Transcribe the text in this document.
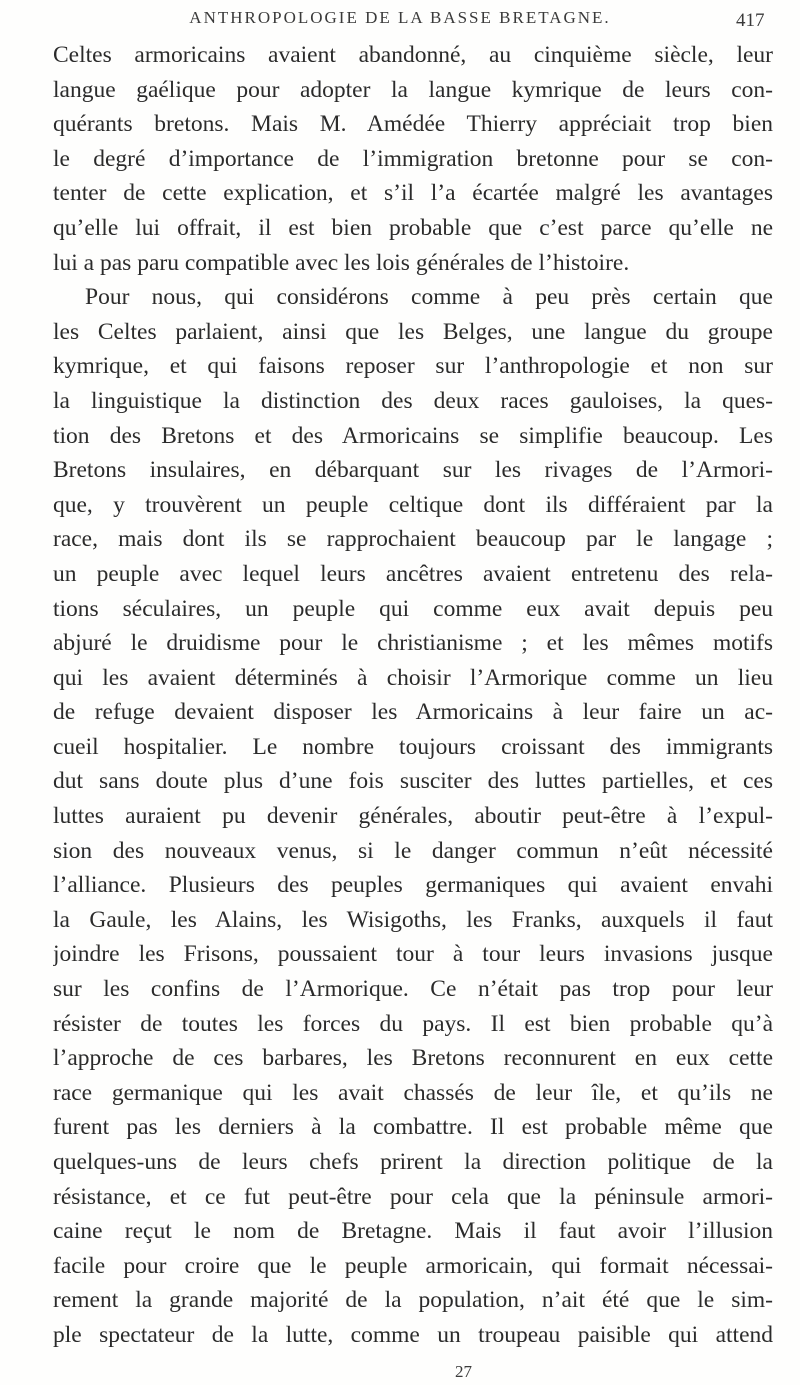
ANTHROPOLOGIE DE LA BASSE BRETAGNE.	417
Celtes armoricains avaient abandonné, au cinquième siècle, leur
langue gaélique pour adopter la langue kymrique de leurs con-
quérants bretons. Mais M. Amédée Thierry appréciait trop bien
le degré d’importance de l’immigration bretonne pour se con-
tenter de cette explication, et s’il l’a écartée malgré les avantages
qu’elle lui offrait, il est bien probable que c’est parce qu’elle ne
lui a pas paru compatible avec les lois générales de l’histoire.
Pour nous, qui considérons comme à peu près certain que
les Celtes parlaient, ainsi que les Belges, une langue du groupe
kymrique, et qui faisons reposer sur l’anthropologie et non sur
la linguistique la distinction des deux races gauloises, la ques-
tion des Bretons et des Armoricains se simplifie beaucoup. Les
Bretons insulaires, en débarquant sur les rivages de l’Armori-
que, y trouvèrent un peuple celtique dont ils différaient par la
race, mais dont ils se rapprochaient beaucoup par le langage ;
un peuple avec lequel leurs ancêtres avaient entretenu des rela-
tions séculaires, un peuple qui comme eux avait depuis peu
abjuré le druidisme pour le christianisme ; et les mêmes motifs
qui les avaient déterminés à choisir l’Armorique comme un lieu
de refuge devaient disposer les Armoricains à leur faire un ac-
cueil hospitalier. Le nombre toujours croissant des immigrants
dut sans doute plus d’une fois susciter des luttes partielles, et ces
luttes auraient pu devenir générales, aboutir peut-être à l’expul-
sion des nouveaux venus, si le danger commun n’eût nécessité
l’alliance. Plusieurs des peuples germaniques qui avaient envahi
la Gaule, les Alains, les Wisigoths, les Franks, auxquels il faut
joindre les Frisons, poussaient tour à tour leurs invasions jusque
sur les confins de l’Armorique. Ce n’était pas trop pour leur
résister de toutes les forces du pays. Il est bien probable qu’à
l’approche de ces barbares, les Bretons reconnurent en eux cette
race germanique qui les avait chassés de leur île, et qu’ils ne
furent pas les derniers à la combattre. Il est probable même que
quelques-uns de leurs chefs prirent la direction politique de la
résistance, et ce fut peut-être pour cela que la péninsule armori-
caine reçut le nom de Bretagne. Mais il faut avoir l’illusion
facile pour croire que le peuple armoricain, qui formait nécessai-
rement la grande majorité de la population, n’ait été que le sim-
ple spectateur de la lutte, comme un troupeau paisible qui attend
27
